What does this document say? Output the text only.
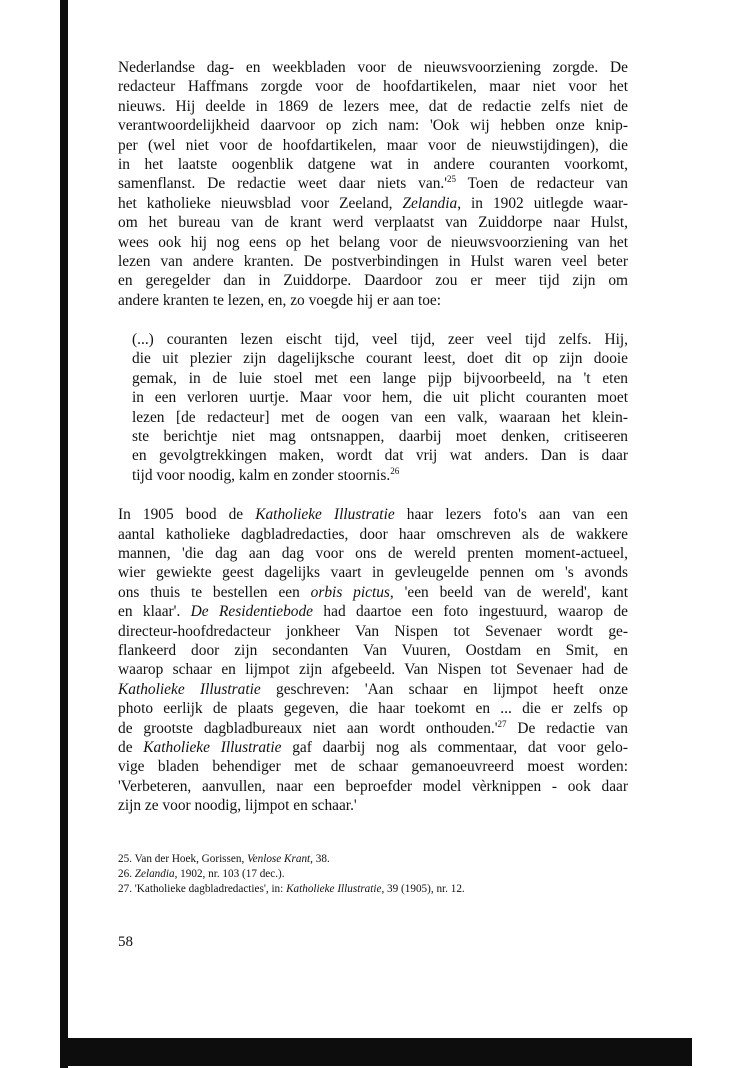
Nederlandse dag- en weekbladen voor de nieuwsvoorziening zorgde. De
redacteur Haffmans zorgde voor de hoofdartikelen, maar niet voor het
nieuws. Hij deelde in 1869 de lezers mee, dat de redactie zelfs niet de
verantwoordelijkheid daarvoor op zich nam: 'Ook wij hebben onze knip-
per (wel niet voor de hoofdartikelen, maar voor de nieuwstijdingen), die
in het laatste oogenblik datgene wat in andere couranten voorkomt,
samenflanst. De redactie weet daar niets $van.'^{25}$ Toen de redacteur van
het katholieke nieuwsblad voor Zeeland, Zelandia, in 1902 uitlegde waar-
om het bureau van de krant werd verplaatst van Zuiddorpe naar Hulst,
wees ook hij nog eens op het belang voor de nieuwsvoorziening van het
lezen van andere kranten. De postverbindingen in Hulst waren veel beter
en geregelder dan in Zuiddorpe. Daardoor zou er meer tijd zijn om
andere kranten te lezen, en, zo voegde hij er aan toe:
(...) couranten lezen eischt tijd, veel tijd, zeer veel tijd zelfs. Hij,
die uit plezier zijn dagelijksche courant leest, doet dit op zijn dooie
gemak, in de luie stoel met een lange pijp bijvoorbeeld, na 't eten
in een verloren uurtje. Maar voor hem, die uit plicht couranten moet
lezen [de redacteur] met de oogen van een valk, waaraan het klein-
ste berichtje niet mag ontsnappen, daarbij moet denken, critiseeren
en gevolgtrekkingen maken, wordt dat vrij wat anders. Dan is daar
tijd voor noodig, kalm en zonder stoornis.$^{26}$
In 1905 bood de Katholieke Illustratie haar lezers foto's aan van een
aantal katholieke dagbladredacties, door haar omschreven als de wakkere
mannen, 'die dag aan dag voor ons de wereld prenten moment-actueel,
wier gewiekte geest dagelijks vaart in gevleugelde pennen om 's avonds
ons thuis te bestellen een orbis pictus, 'een beeld van de wereld', kant
en klaar'. De Residentiebode had daartoe een foto ingestuurd, waarop de
directeur-hoofdredacteur jonkheer Van Nispen tot Sevenaer wordt ge-
flankeerd door zijn secondanten Van Vuuren, Oostdam en Smit, en
waarop schaar en lijmpot zijn afgebeeld. Van Nispen tot Sevenaer had de
Katholieke Illustratie geschreven: 'Aan schaar en lijmpot heeft onze
photo eerlijk de plaats gegeven, die haar toekomt en ... die er zelfs op
de grootste dagbladbureaux niet aan wordt $onthouden.'^{27}$ De redactie van
de Katholieke Illustratie gaf daarbij nog als commentaar, dat voor gelo-
vige bladen behendiger met de schaar gemanoeuvreerd moest worden:
'Verbeteren, aanvullen, naar een beproefder model vèrknippen - ook daar
zijn ze voor noodig, lijmpot en schaar.'
25. Van der Hoek, Gorissen, Venlose Krant, 38.
26. Zelandia, 1902, nr. 103 (17 dec.).
27. 'Katholieke dagbladredacties', in: Katholieke Illustratie, 39 (1905), nr. 12.
58
